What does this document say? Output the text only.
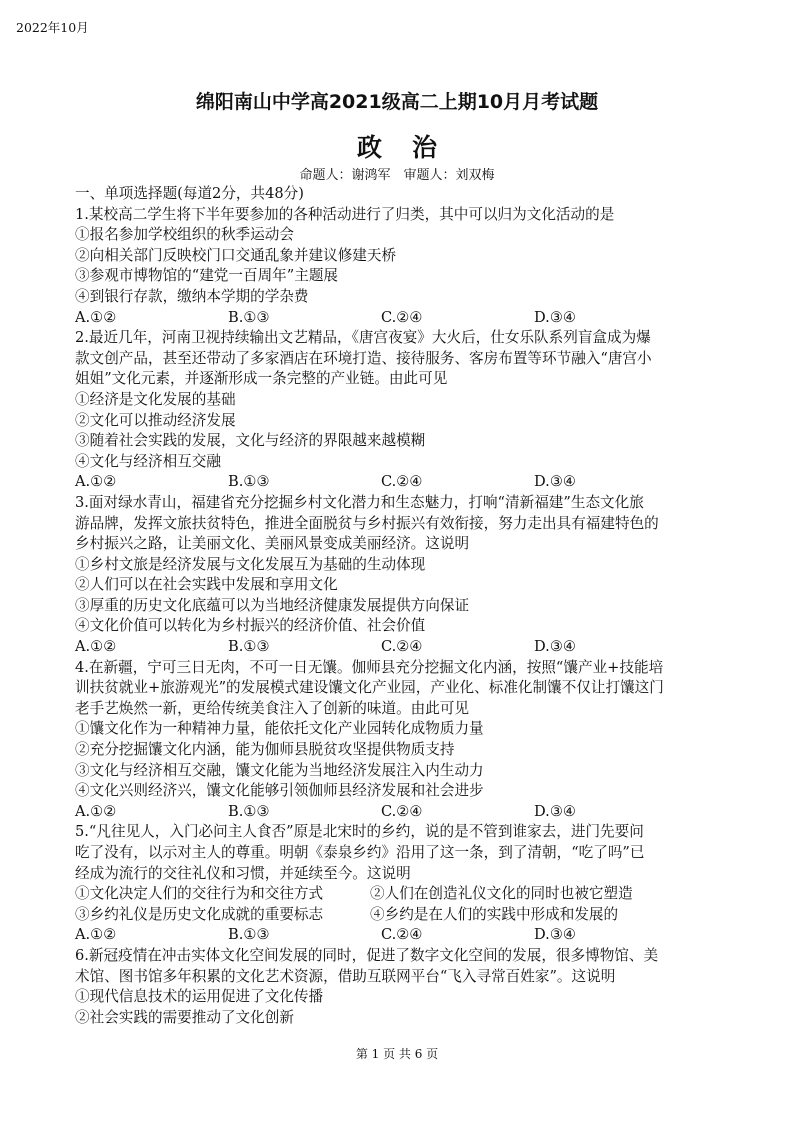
2022年10月
绵阳南山中学高2021级高二上期10月月考试题
政治
命题人：谢鸿军　审题人：刘双梅
一、单项选择题(每道2分，共48分)
1.某校高二学生将下半年要参加的各种活动进行了归类，其中可以归为文化活动的是
①报名参加学校组织的秋季运动会
②向相关部门反映校门口交通乱象并建议修建天桥
③参观市博物馆的“建党一百周年”主题展
④到银行存款，缴纳本学期的学杂费
A.①②	B.①③	C.②④	D.③④
2.最近几年，河南卫视持续输出文艺精品，《唐宫夜宴》大火后，仕女乐队系列盲盒成为爆
款文创产品，甚至还带动了多家酒店在环境打造、接待服务、客房布置等环节融入“唐宫小
姐姐”文化元素，并逐渐形成一条完整的产业链。由此可见
①经济是文化发展的基础
②文化可以推动经济发展
③随着社会实践的发展，文化与经济的界限越来越模糊
④文化与经济相互交融
A.①②	B.①③	C.②④	D.③④
3.面对绿水青山，福建省充分挖掘乡村文化潜力和生态魅力，打响“清新福建”生态文化旅
游品牌，发挥文旅扶贫特色，推进全面脱贫与乡村振兴有效衔接，努力走出具有福建特色的
乡村振兴之路，让美丽文化、美丽风景变成美丽经济。这说明
①乡村文旅是经济发展与文化发展互为基础的生动体现
②人们可以在社会实践中发展和享用文化
③厚重的历史文化底蕴可以为当地经济健康发展提供方向保证
④文化价值可以转化为乡村振兴的经济价值、社会价值
A.①②	B.①③	C.②④	D.③④
4.在新疆，宁可三日无肉，不可一日无馕。伽师县充分挖掘文化内涵，按照“馕产业+技能培
训扶贫就业+旅游观光”的发展模式建设馕文化产业园，产业化、标准化制馕不仅让打馕这门
老手艺焕然一新，更给传统美食注入了创新的味道。由此可见
①馕文化作为一种精神力量，能依托文化产业园转化成物质力量
②充分挖掘馕文化内涵，能为伽师县脱贫攻坚提供物质支持
③文化与经济相互交融，馕文化能为当地经济发展注入内生动力
④文化兴则经济兴，馕文化能够引领伽师县经济发展和社会进步
A.①②	B.①③	C.②④	D.③④
5.“凡往见人，入门必问主人食否”原是北宋时的乡约，说的是不管到谁家去，进门先要问
吃了没有，以示对主人的尊重。明朝《泰泉乡约》沿用了这一条，到了清朝，“吃了吗”已
经成为流行的交往礼仪和习惯，并延续至今。这说明
①文化决定人们的交往行为和交往方式	②人们在创造礼仪文化的同时也被它塑造
③乡约礼仪是历史文化成就的重要标志	④乡约是在人们的实践中形成和发展的
A.①②	B.①③	C.②④	D.③④
6.新冠疫情在冲击实体文化空间发展的同时，促进了数字文化空间的发展，很多博物馆、美
术馆、图书馆多年积累的文化艺术资源，借助互联网平台“飞入寻常百姓家”。这说明
①现代信息技术的运用促进了文化传播
②社会实践的需要推动了文化创新
第 1 页 共 6 页
